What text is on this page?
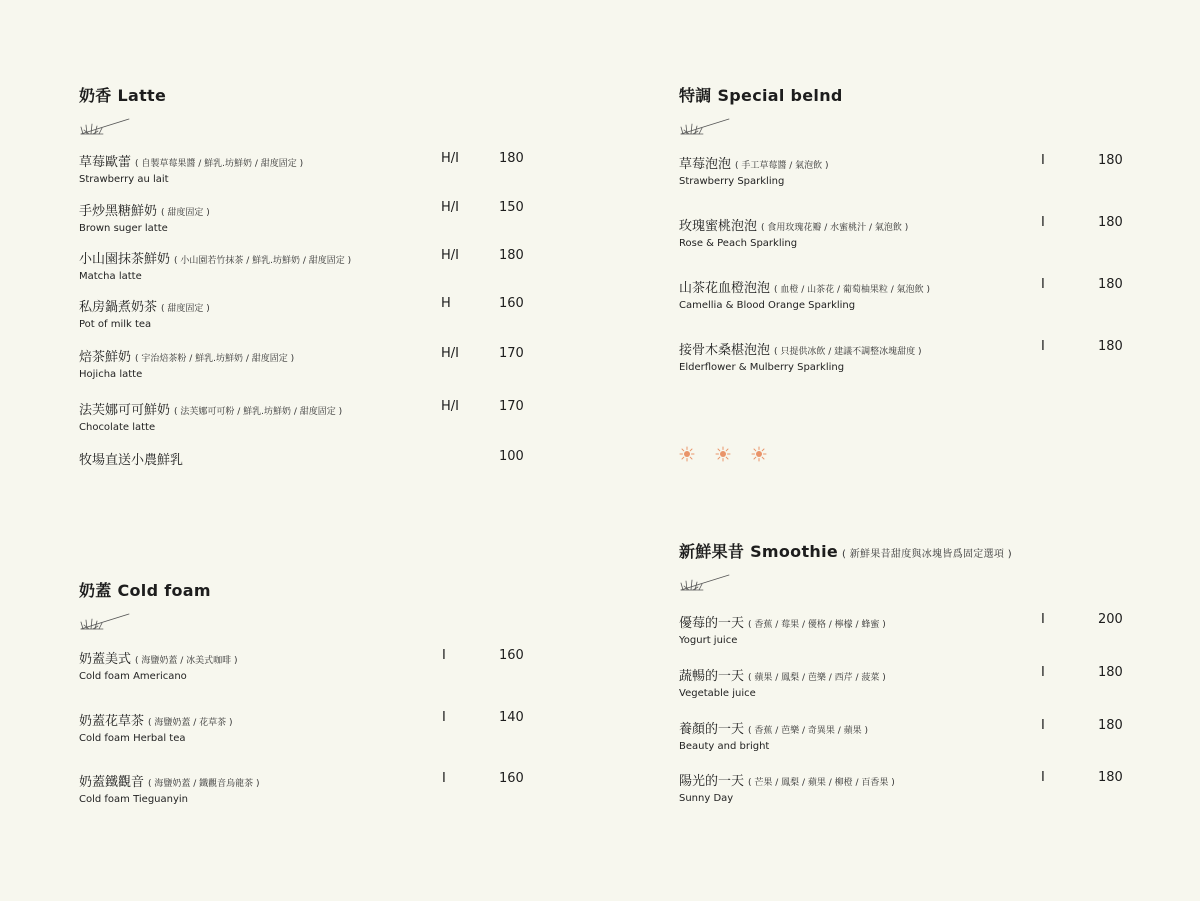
奶香 Latte
草莓歐蕾 ( 自製草莓果醬 / 鮮乳.坊鮮奶 / 甜度固定 )
Strawberry au lait
H/I	180
手炒黑糖鮮奶 ( 甜度固定 )
Brown suger latte
H/I	150
小山園抹茶鮮奶 ( 小山園若竹抹茶 / 鮮乳.坊鮮奶 / 甜度固定 )
Matcha latte
H/I	180
私房鍋煮奶茶 ( 甜度固定 )
Pot of milk tea
H	160
焙茶鮮奶 ( 宇治焙茶粉 / 鮮乳.坊鮮奶 / 甜度固定 )
Hojicha latte
H/I	170
法芙娜可可鮮奶 ( 法芙娜可可粉 / 鮮乳.坊鮮奶 / 甜度固定 )
Chocolate latte
H/I	170
牧場直送小農鮮乳	100
奶蓋 Cold foam
奶蓋美式 ( 海鹽奶蓋 / 冰美式咖啡 )
Cold foam Americano
I	160
奶蓋花草茶 ( 海鹽奶蓋 / 花草茶 )
Cold foam Herbal tea
I	140
奶蓋鐵觀音 ( 海鹽奶蓋 / 鐵觀音烏龍茶 )
Cold foam Tieguanyin
I	160
特調 Special belnd
草莓泡泡 ( 手工草莓醬 / 氣泡飲 )
Strawberry Sparkling
I	180
玫瑰蜜桃泡泡 ( 食用玫瑰花瓣 / 水蜜桃汁 / 氣泡飲 )
Rose & Peach Sparkling
I	180
山茶花血橙泡泡 ( 血橙 / 山茶花 / 葡萄柚果粒 / 氣泡飲 )
Camellia & Blood Orange Sparkling
I	180
接骨木桑椹泡泡 ( 只提供冰飲 / 建議不調整冰塊甜度 )
Elderflower & Mulberry Sparkling
I	180
新鮮果昔 Smoothie ( 新鮮果昔甜度與冰塊皆爲固定選項 )
優莓的一天 ( 香蕉 / 莓果 / 優格 / 檸檬 / 蜂蜜 )
Yogurt juice
I	200
蔬暢的一天 ( 蘋果 / 鳳梨 / 芭樂 / 西芹 / 菠菜 )
Vegetable juice
I	180
養顏的一天 ( 香蕉 / 芭樂 / 奇異果 / 蘋果 )
Beauty and bright
I	180
陽光的一天 ( 芒果 / 鳳梨 / 蘋果 / 柳橙 / 百香果 )
Sunny Day
I	180
